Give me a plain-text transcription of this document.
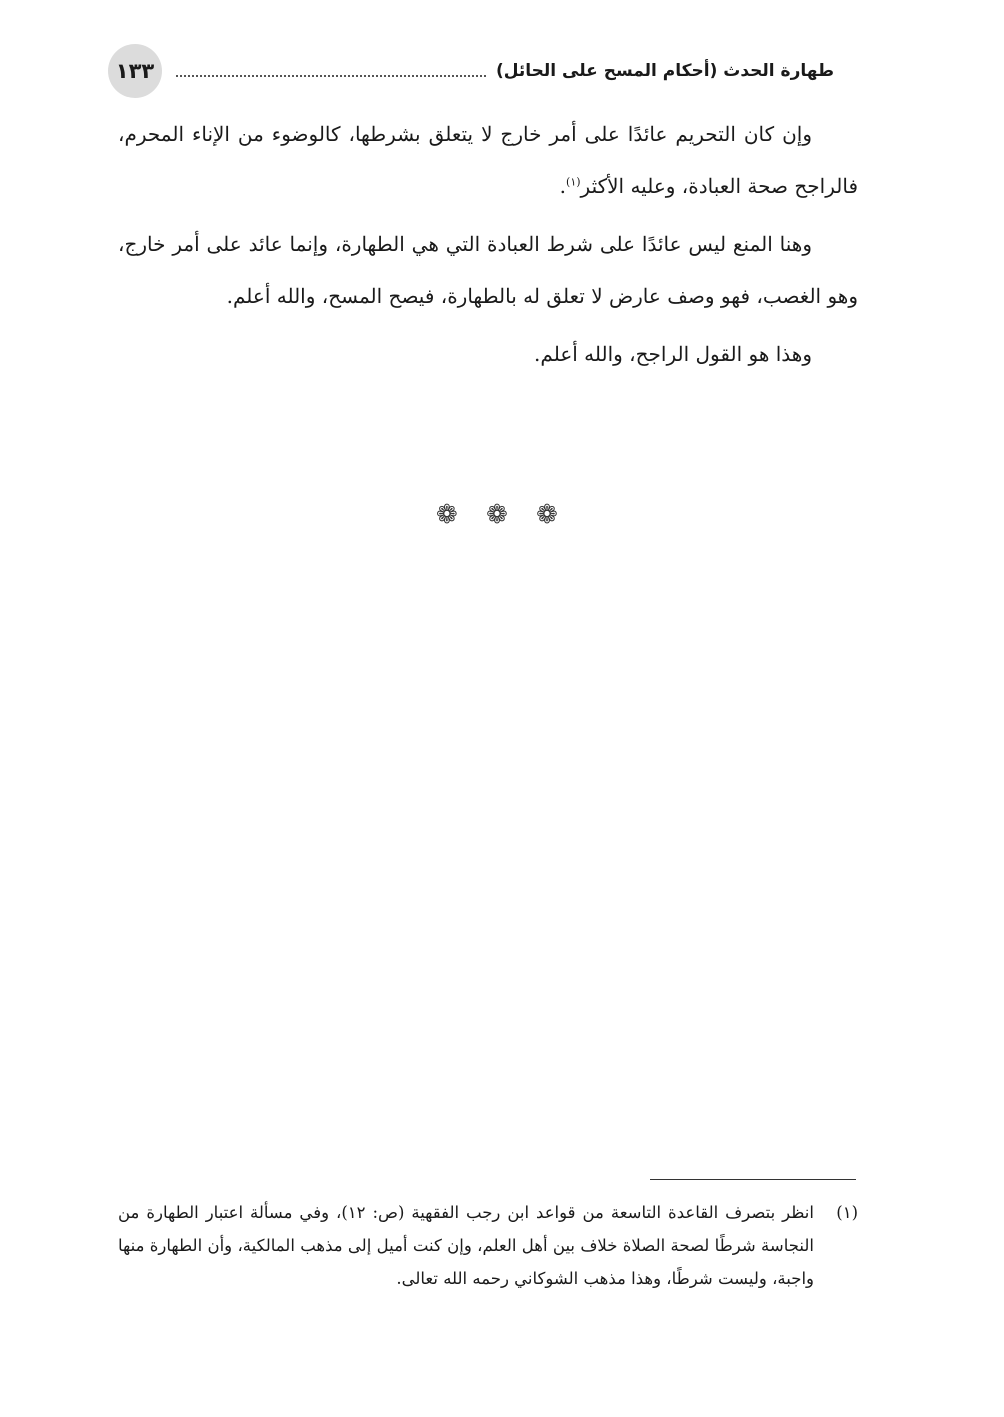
١٣٣	طهارة الحدث (أحكام المسح على الحائل)

وإن كان التحريم عائدًا على أمر خارج لا يتعلق بشرطها، كالوضوء من الإناء المحرم، فالراجح صحة العبادة، وعليه الأكثر$^{(١)}$.

وهنا المنع ليس عائدًا على شرط العبادة التي هي الطهارة، وإنما عائد على أمر خارج، وهو الغصب، فهو وصف عارض لا تعلق له بالطهارة، فيصح المسح، والله أعلم.

وهذا هو القول الراجح، والله أعلم.

❁ ❁ ❁
(١)
انظر بتصرف القاعدة التاسعة من قواعد ابن رجب الفقهية (ص: ١٢)، وفي مسألة اعتبار الطهارة من النجاسة شرطًا لصحة الصلاة خلاف بين أهل العلم، وإن كنت أميل إلى مذهب المالكية، وأن الطهارة منها واجبة، وليست شرطًا، وهذا مذهب الشوكاني رحمه الله تعالى.
